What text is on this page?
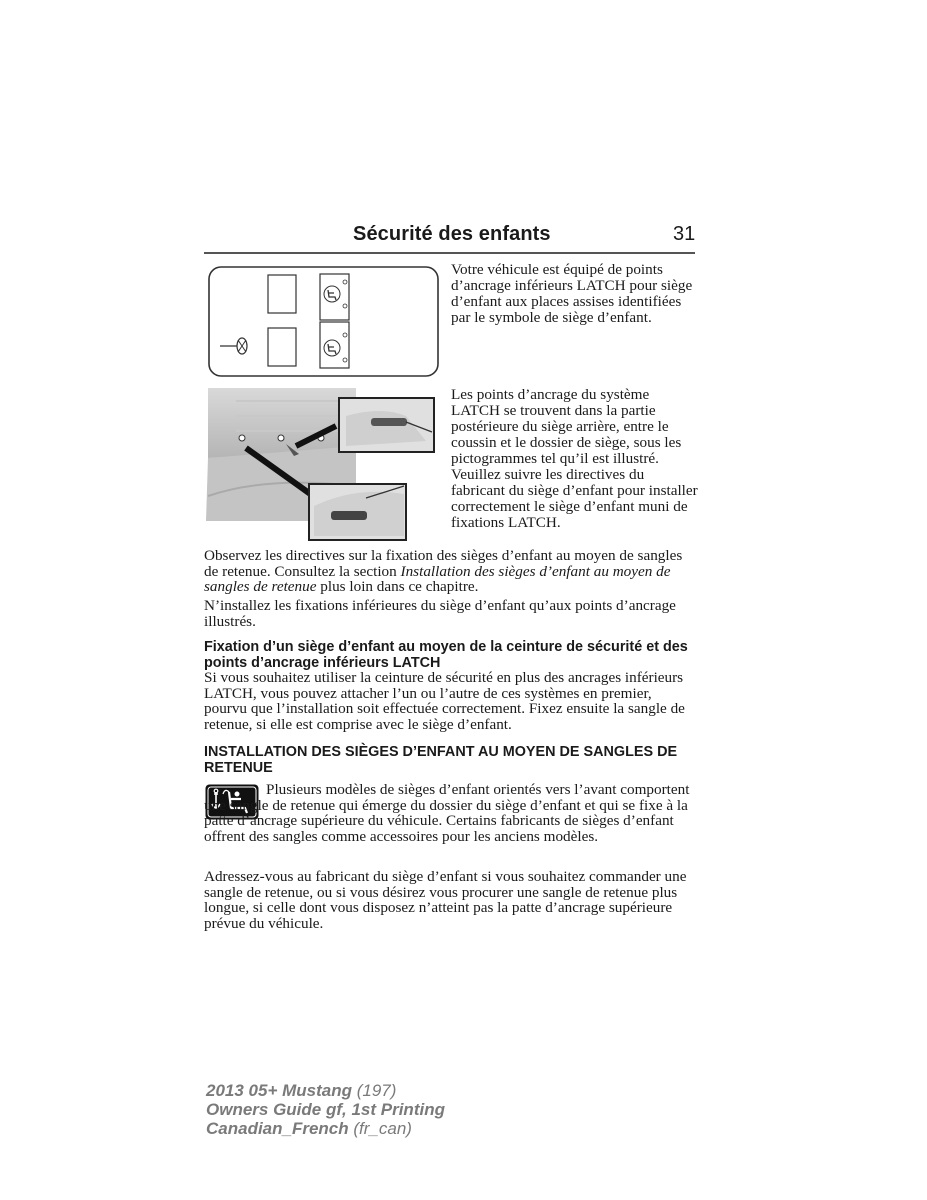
Sécurité des enfants	31
Votre véhicule est équipé de points d’ancrage inférieurs LATCH pour siège d’enfant aux places assises identifiées par le symbole de siège d’enfant.
Les points d’ancrage du système LATCH se trouvent dans la partie postérieure du siège arrière, entre le coussin et le dossier de siège, sous les pictogrammes tel qu’il est illustré. Veuillez suivre les directives du fabricant du siège d’enfant pour installer correctement le siège d’enfant muni de fixations LATCH.
Observez les directives sur la fixation des sièges d’enfant au moyen de sangles de retenue. Consultez la section Installation des sièges d’enfant au moyen de sangles de retenue plus loin dans ce chapitre.
N’installez les fixations inférieures du siège d’enfant qu’aux points d’ancrage illustrés.
Fixation d’un siège d’enfant au moyen de la ceinture de sécurité et des points d’ancrage inférieurs LATCH
Si vous souhaitez utiliser la ceinture de sécurité en plus des ancrages inférieurs LATCH, vous pouvez attacher l’un ou l’autre de ces systèmes en premier, pourvu que l’installation soit effectuée correctement. Fixez ensuite la sangle de retenue, si elle est comprise avec le siège d’enfant.
INSTALLATION DES SIÈGES D’ENFANT AU MOYEN DE SANGLES DE RETENUE
Plusieurs modèles de sièges d’enfant orientés vers l’avant comportent une sangle de retenue qui émerge du dossier du siège d’enfant et qui se fixe à la patte d’ancrage supérieure du véhicule. Certains fabricants de sièges d’enfant offrent des sangles comme accessoires pour les anciens modèles.
Adressez-vous au fabricant du siège d’enfant si vous souhaitez commander une sangle de retenue, ou si vous désirez vous procurer une sangle de retenue plus longue, si celle dont vous disposez n’atteint pas la patte d’ancrage supérieure prévue du véhicule.
2013 05+ Mustang (197)
Owners Guide gf, 1st Printing
Canadian_French (fr_can)
